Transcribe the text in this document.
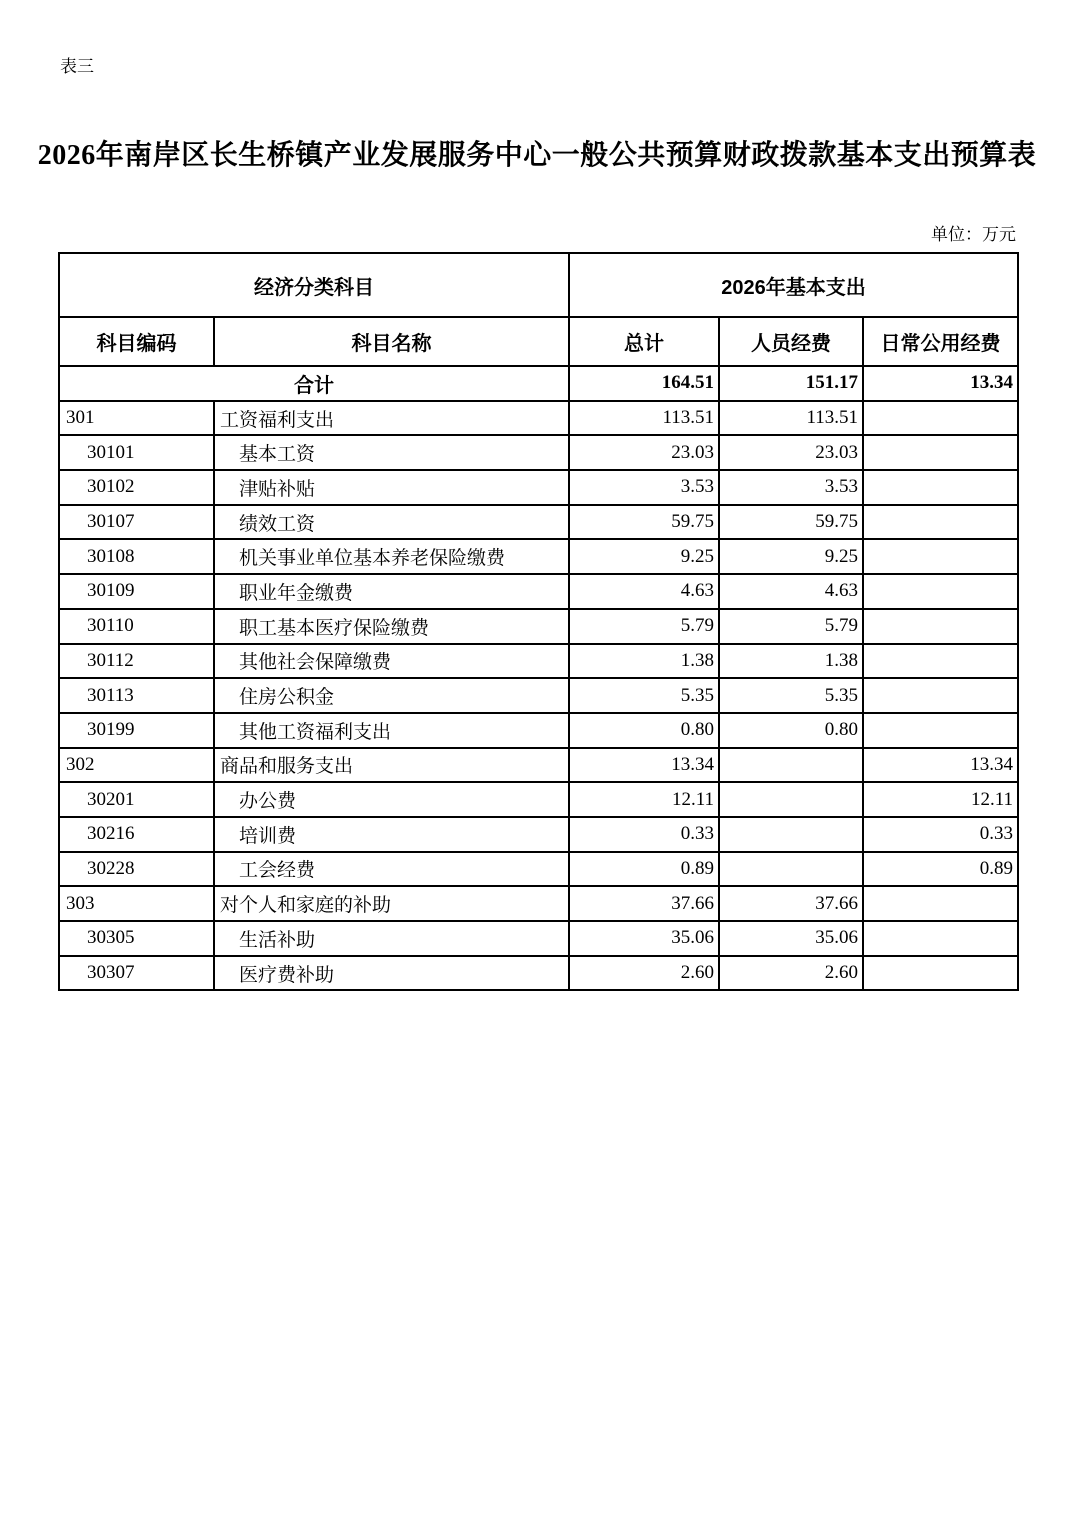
表三
2026年南岸区长生桥镇产业发展服务中心一般公共预算财政拨款基本支出预算表
单位：万元
经济分类科目		2026年基本支出		
科目编码	科目名称	总计	人员经费	日常公用经费
合计		164.51	151.17	13.34
301	工资福利支出	113.51	113.51	
30101	基本工资	23.03	23.03	
30102	津贴补贴	3.53	3.53	
30107	绩效工资	59.75	59.75	
30108	机关事业单位基本养老保险缴费	9.25	9.25	
30109	职业年金缴费	4.63	4.63	
30110	职工基本医疗保险缴费	5.79	5.79	
30112	其他社会保障缴费	1.38	1.38	
30113	住房公积金	5.35	5.35	
30199	其他工资福利支出	0.80	0.80	
302	商品和服务支出	13.34		13.34
30201	办公费	12.11		12.11
30216	培训费	0.33		0.33
30228	工会经费	0.89		0.89
303	对个人和家庭的补助	37.66	37.66	
30305	生活补助	35.06	35.06	
30307	医疗费补助	2.60	2.60	
